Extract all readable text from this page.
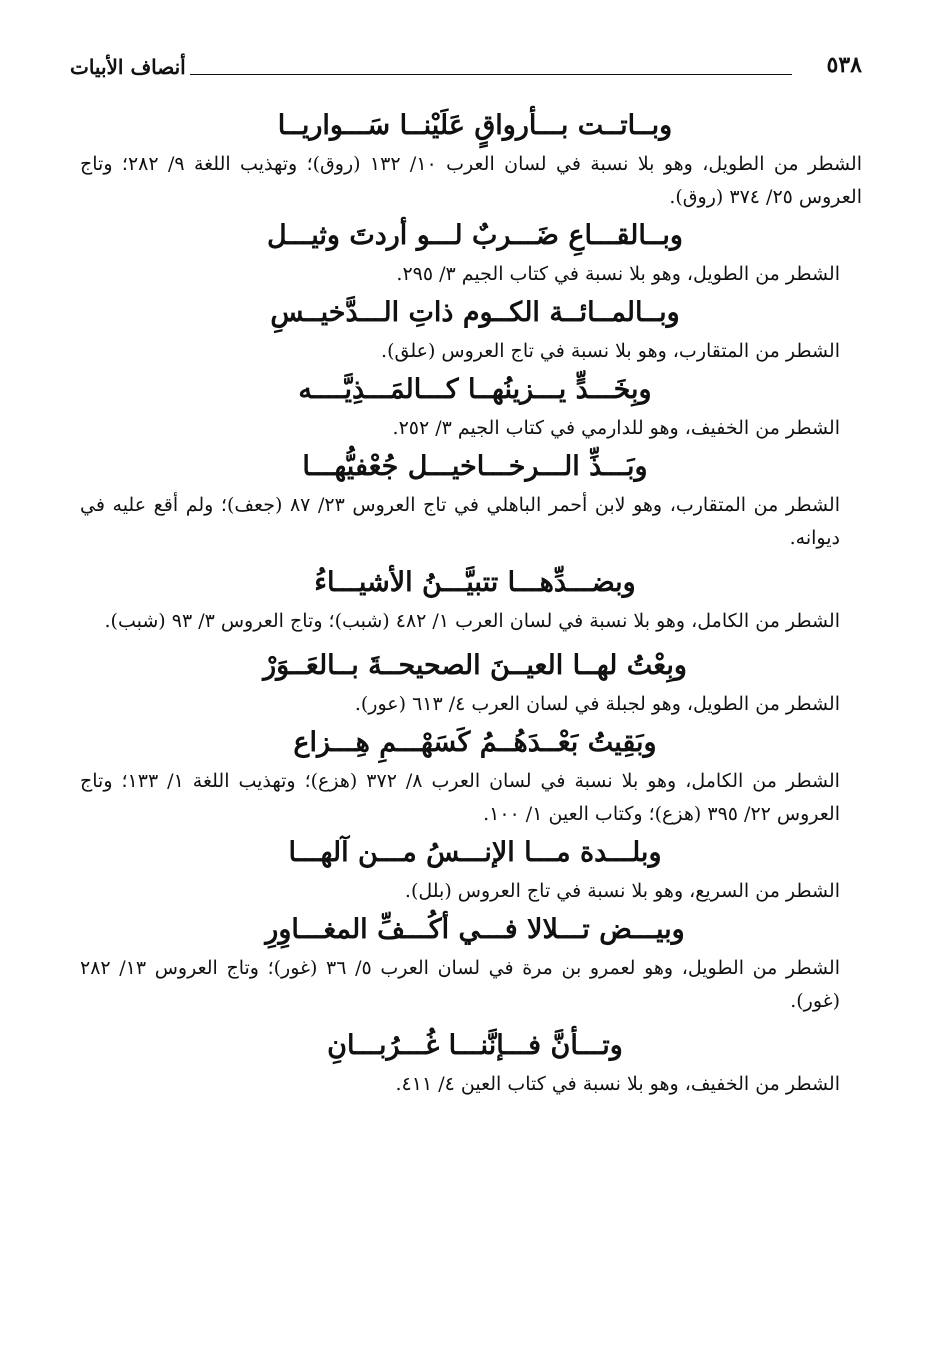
٥٣٨
أنصاف الأبيات
وبــاتــت بـــأرواقٍ عَلَيْنــا سَـــواريــا
الشطر من الطويل، وهو بلا نسبة في لسان العرب ١٠/ ١٣٢ (روق)؛ وتهذيب اللغة ٩/ ٢٨٢؛ وتاج العروس ٢٥/ ٣٧٤ (روق).
وبــالقـــاعِ ضَـــربٌ لـــو أردتَ وثيـــل
الشطر من الطويل، وهو بلا نسبة في كتاب الجيم ٣/ ٢٩٥.
وبــالمــائــة الكــوم ذاتِ الـــدَّخيــسِ
الشطر من المتقارب، وهو بلا نسبة في تاج العروس (علق).
وبِخَـــدٍّ يـــزينُهــا كـــالمَـــذِيَّــــه
الشطر من الخفيف، وهو للدارمي في كتاب الجيم ٣/ ٢٥٢.
وبَـــذِّ الـــرخـــاخيـــل جُعْفيُّهـــا
الشطر من المتقارب، وهو لابن أحمر الباهلي في تاج العروس ٢٣/ ٨٧ (جعف)؛ ولم أقع عليه في ديوانه.
وبضـــدِّهـــا تتبيَّـــنُ الأشيـــاءُ
الشطر من الكامل، وهو بلا نسبة في لسان العرب ١/ ٤٨٢ (شبب)؛ وتاج العروس ٣/ ٩٣ (شبب).
وبِعْتُ لهــا العيــنَ الصحيحــةَ بــالعَــوَرْ
الشطر من الطويل، وهو لجبلة في لسان العرب ٤/ ٦١٣ (عور).
وبَقِيتُ بَعْــدَهُــمُ كَسَهْـــمِ هِـــزاع
الشطر من الكامل، وهو بلا نسبة في لسان العرب ٨/ ٣٧٢ (هزع)؛ وتهذيب اللغة ١/ ١٣٣؛ وتاج العروس ٢٢/ ٣٩٥ (هزع)؛ وكتاب العين ١/ ١٠٠.
وبلـــدة مـــا الإنـــسُ مـــن آلهـــا
الشطر من السريع، وهو بلا نسبة في تاج العروس (بلل).
وبيـــض تـــلالا فـــي أكُـــفِّ المغـــاوِرِ
الشطر من الطويل، وهو لعمرو بن مرة في لسان العرب ٥/ ٣٦ (غور)؛ وتاج العروس ١٣/ ٢٨٢ (غور).
وتـــأنَّ فـــإنَّنـــا غُـــرُبـــانِ
الشطر من الخفيف، وهو بلا نسبة في كتاب العين ٤/ ٤١١.
